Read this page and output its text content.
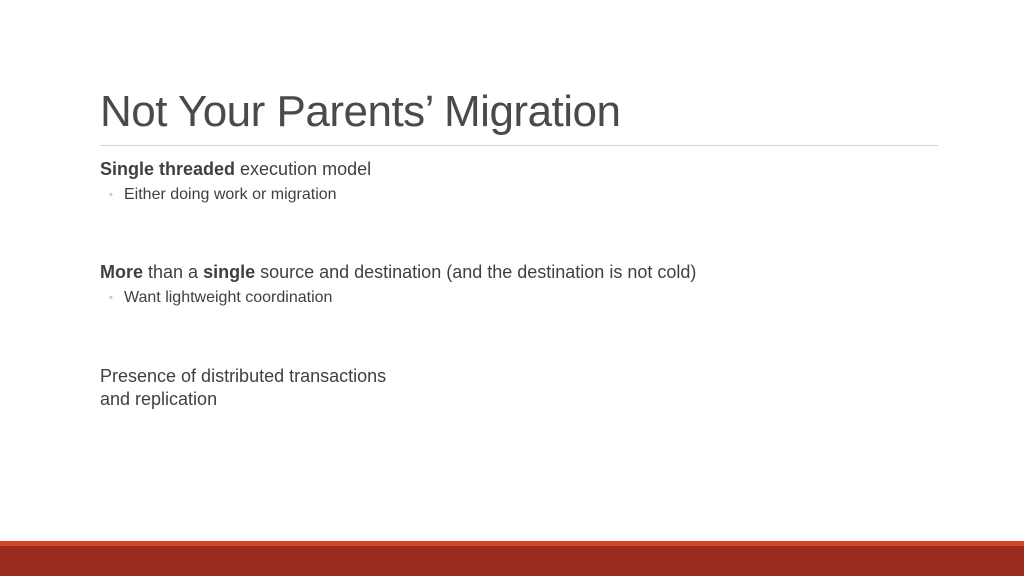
Not Your Parents’ Migration
Single threaded execution model
◦ Either doing work or migration
More than a single source and destination (and the destination is not cold)
◦ Want lightweight coordination
Presence of distributed transactions
and replication
